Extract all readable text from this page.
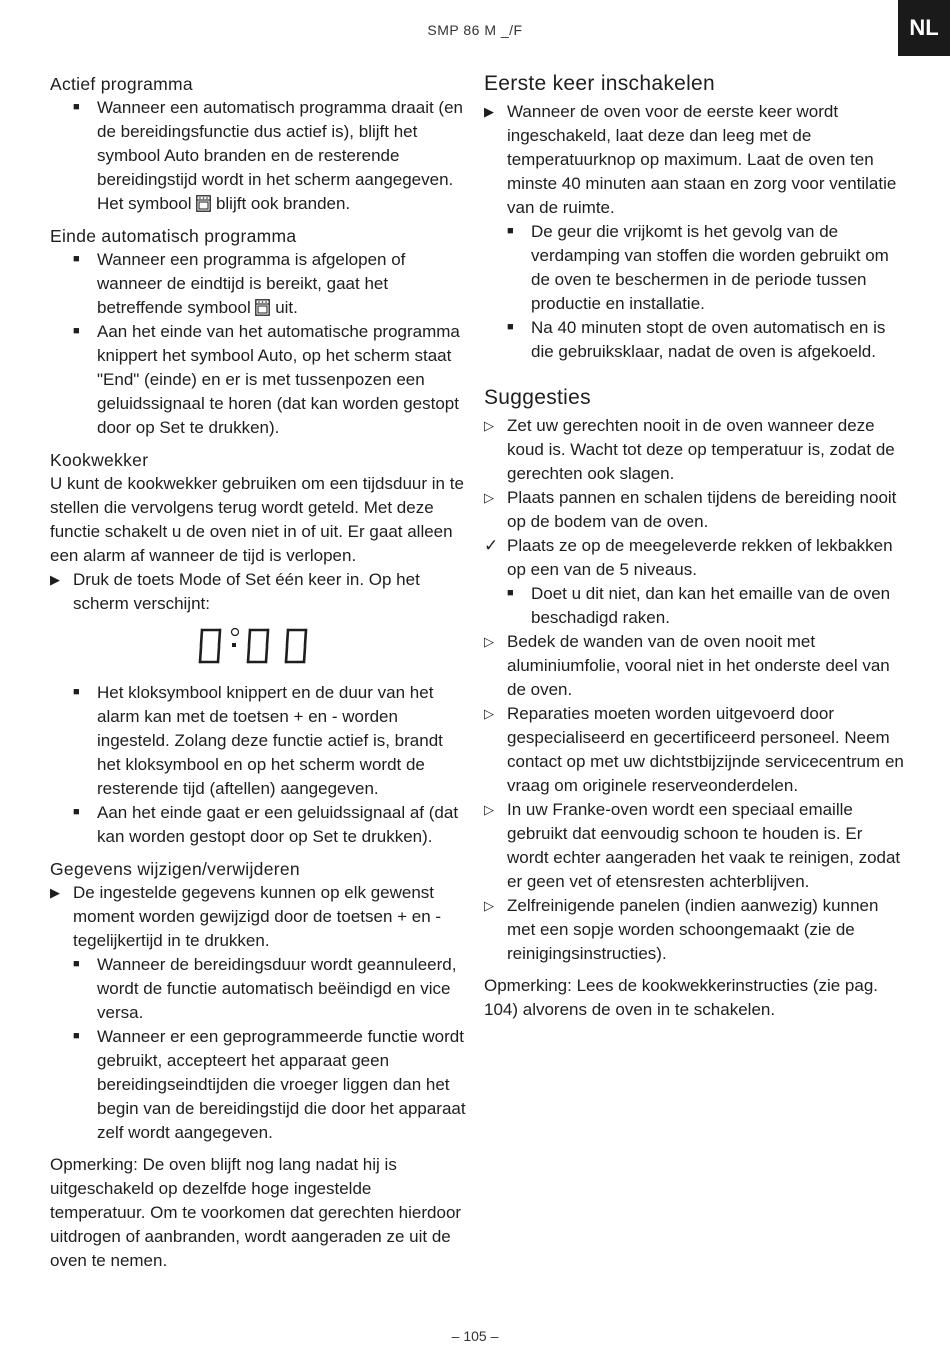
SMP 86 M _/F	NL
Actief programma
■ Wanneer een automatisch programma draait (en de bereidingsfunctie dus actief is), blijft het symbool Auto branden en de resterende bereidingstijd wordt in het scherm aangegeven. Het symbool blijft ook branden.
Einde automatisch programma
■ Wanneer een programma is afgelopen of wanneer de eindtijd is bereikt, gaat het betreffende symbool uit.
■ Aan het einde van het automatische programma knippert het symbool Auto, op het scherm staat "End" (einde) en er is met tussenpozen een geluidssignaal te horen (dat kan worden gestopt door op Set te drukken).
Kookwekker

U kunt de kookwekker gebruiken om een tijdsduur in te stellen die vervolgens terug wordt geteld. Met deze functie schakelt u de oven niet in of uit. Er gaat alleen een alarm af wanneer de tijd is verlopen.

▶ Druk de toets Mode of Set één keer in. Op het scherm verschijnt:
0:00
■ Het kloksymbool knippert en de duur van het alarm kan met de toetsen + en - worden ingesteld. Zolang deze functie actief is, brandt het kloksymbool en op het scherm wordt de resterende tijd (aftellen) aangegeven.
■ Aan het einde gaat er een geluidssignaal af (dat kan worden gestopt door op Set te drukken).
Gegevens wijzigen/verwijderen
▶ De ingestelde gegevens kunnen op elk gewenst moment worden gewijzigd door de toetsen + en - tegelijkertijd in te drukken.
■ Wanneer de bereidingsduur wordt geannuleerd, wordt de functie automatisch beëindigd en vice versa.
■ Wanneer er een geprogrammeerde functie wordt gebruikt, accepteert het apparaat geen bereidingseindtijden die vroeger liggen dan het begin van de bereidingstijd die door het apparaat zelf wordt aangegeven.

Opmerking: De oven blijft nog lang nadat hij is uitgeschakeld op dezelfde hoge ingestelde temperatuur. Om te voorkomen dat gerechten hierdoor uitdrogen of aanbranden, wordt aangeraden ze uit de oven te nemen.

Eerste keer inschakelen
▶ Wanneer de oven voor de eerste keer wordt ingeschakeld, laat deze dan leeg met de temperatuurknop op maximum. Laat de oven ten minste 40 minuten aan staan en zorg voor ventilatie van de ruimte.
■ De geur die vrijkomt is het gevolg van de verdamping van stoffen die worden gebruikt om de oven te beschermen in de periode tussen productie en installatie.
■ Na 40 minuten stopt de oven automatisch en is die gebruiksklaar, nadat de oven is afgekoeld.
Suggesties
▷ Zet uw gerechten nooit in de oven wanneer deze koud is. Wacht tot deze op temperatuur is, zodat de gerechten ook slagen.
▷ Plaats pannen en schalen tijdens de bereiding nooit op de bodem van de oven.
✓ Plaats ze op de meegeleverde rekken of lekbakken op een van de 5 niveaus.
■ Doet u dit niet, dan kan het emaille van de oven beschadigd raken.
▷ Bedek de wanden van de oven nooit met aluminiumfolie, vooral niet in het onderste deel van de oven.
▷ Reparaties moeten worden uitgevoerd door gespecialiseerd en gecertificeerd personeel. Neem contact op met uw dichtstbijzijnde servicecentrum en vraag om originele reserveonderdelen.
▷ In uw Franke-oven wordt een speciaal emaille gebruikt dat eenvoudig schoon te houden is. Er wordt echter aangeraden het vaak te reinigen, zodat er geen vet of etensresten achterblijven.
▷ Zelfreinigende panelen (indien aanwezig) kunnen met een sopje worden schoongemaakt (zie de reinigingsinstructies).

Opmerking: Lees de kookwekkerinstructies (zie pag. 104) alvorens de oven in te schakelen.

– 105 –
